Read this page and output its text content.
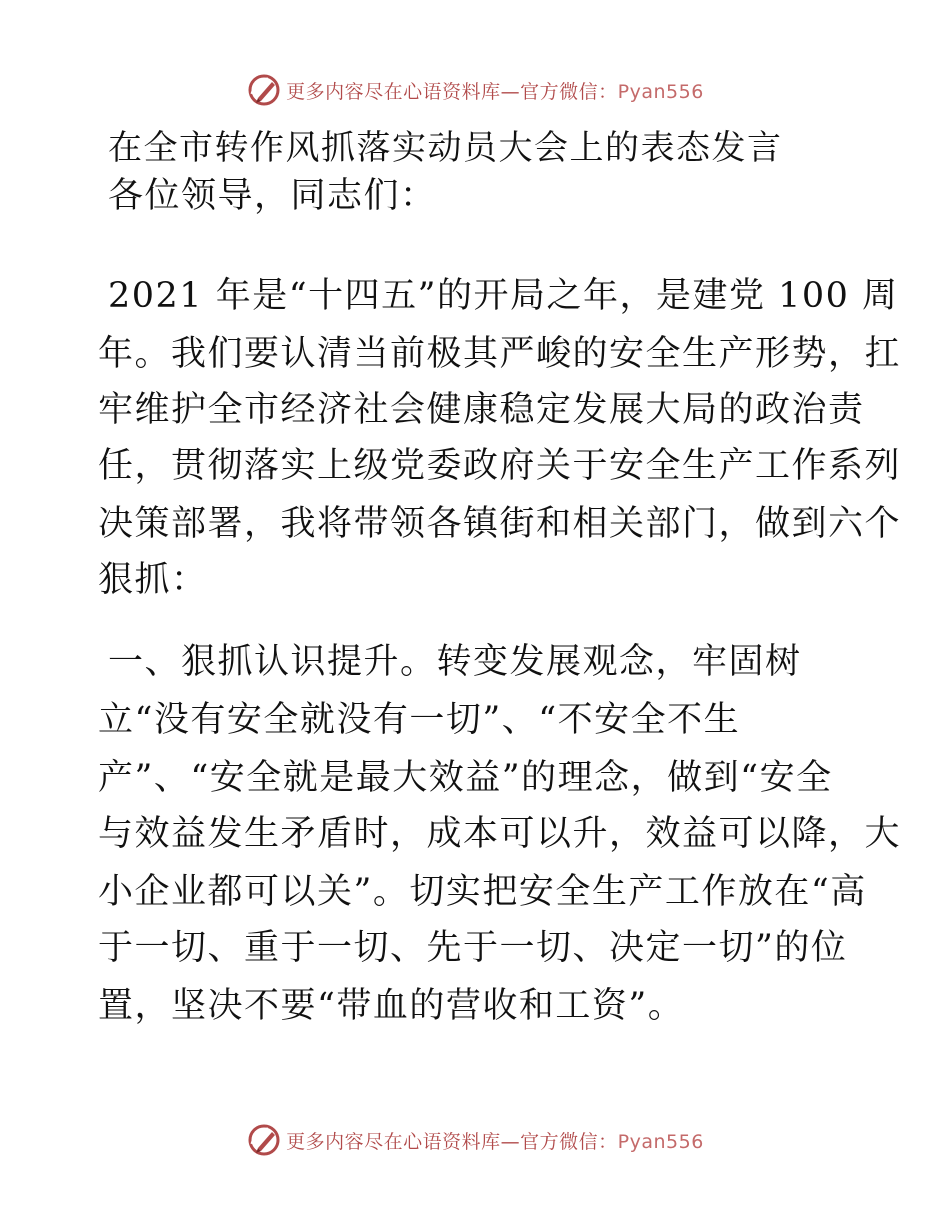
更多内容尽在心语资料库—官方微信：Pyan556
在全市转作风抓落实动员大会上的表态发言
各位领导，同志们：
2021 年是“十四五”的开局之年，是建党 100 周
年。我们要认清当前极其严峻的安全生产形势，扛
牢维护全市经济社会健康稳定发展大局的政治责
任，贯彻落实上级党委政府关于安全生产工作系列
决策部署，我将带领各镇街和相关部门，做到六个
狠抓：
一、狠抓认识提升。转变发展观念，牢固树
立“没有安全就没有一切”、“不安全不生
产”、“安全就是最大效益”的理念，做到“安全
与效益发生矛盾时，成本可以升，效益可以降，大
小企业都可以关”。切实把安全生产工作放在“高
于一切、重于一切、先于一切、决定一切”的位
置，坚决不要“带血的营收和工资”。
更多内容尽在心语资料库—官方微信：Pyan556
